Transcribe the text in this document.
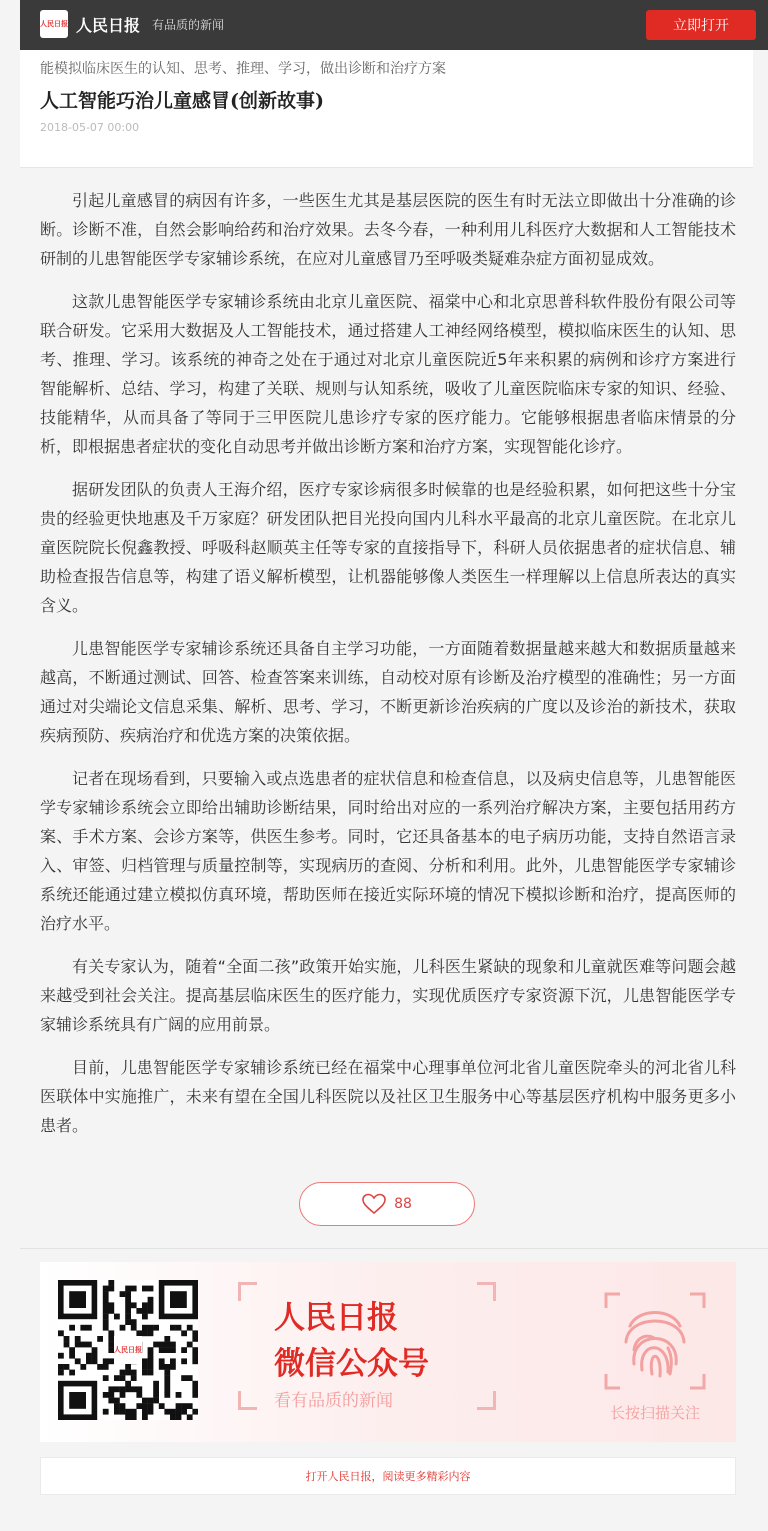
人民日报 人民日报 有品质的新闻	立即打开
能模拟临床医生的认知、思考、推理、学习，做出诊断和治疗方案
人工智能巧治儿童感冒(创新故事)
2018-05-07 00:00

引起儿童感冒的病因有许多，一些医生尤其是基层医院的医生有时无法立即做出十分准确的诊断。诊断不准，自然会影响给药和治疗效果。去冬今春，一种利用儿科医疗大数据和人工智能技术研制的儿患智能医学专家辅诊系统，在应对儿童感冒乃至呼吸类疑难杂症方面初显成效。

这款儿患智能医学专家辅诊系统由北京儿童医院、福棠中心和北京思普科软件股份有限公司等联合研发。它采用大数据及人工智能技术，通过搭建人工神经网络模型，模拟临床医生的认知、思考、推理、学习。该系统的神奇之处在于通过对北京儿童医院近5年来积累的病例和诊疗方案进行智能解析、总结、学习，构建了关联、规则与认知系统，吸收了儿童医院临床专家的知识、经验、技能精华，从而具备了等同于三甲医院儿患诊疗专家的医疗能力。它能够根据患者临床情景的分析，即根据患者症状的变化自动思考并做出诊断方案和治疗方案，实现智能化诊疗。

据研发团队的负责人王海介绍，医疗专家诊病很多时候靠的也是经验积累，如何把这些十分宝贵的经验更快地惠及千万家庭？研发团队把目光投向国内儿科水平最高的北京儿童医院。在北京儿童医院院长倪鑫教授、呼吸科赵顺英主任等专家的直接指导下，科研人员依据患者的症状信息、辅助检查报告信息等，构建了语义解析模型，让机器能够像人类医生一样理解以上信息所表达的真实含义。

儿患智能医学专家辅诊系统还具备自主学习功能，一方面随着数据量越来越大和数据质量越来越高，不断通过测试、回答、检查答案来训练，自动校对原有诊断及治疗模型的准确性；另一方面通过对尖端论文信息采集、解析、思考、学习，不断更新诊治疾病的广度以及诊治的新技术，获取疾病预防、疾病治疗和优选方案的决策依据。

记者在现场看到，只要输入或点选患者的症状信息和检查信息，以及病史信息等，儿患智能医学专家辅诊系统会立即给出辅助诊断结果，同时给出对应的一系列治疗解决方案，主要包括用药方案、手术方案、会诊方案等，供医生参考。同时，它还具备基本的电子病历功能，支持自然语言录入、审签、归档管理与质量控制等，实现病历的查阅、分析和利用。此外，儿患智能医学专家辅诊系统还能通过建立模拟仿真环境，帮助医师在接近实际环境的情况下模拟诊断和治疗，提高医师的治疗水平。

有关专家认为，随着“全面二孩”政策开始实施，儿科医生紧缺的现象和儿童就医难等问题会越来越受到社会关注。提高基层临床医生的医疗能力，实现优质医疗专家资源下沉，儿患智能医学专家辅诊系统具有广阔的应用前景。

目前，儿患智能医学专家辅诊系统已经在福棠中心理事单位河北省儿童医院牵头的河北省儿科医联体中实施推广，未来有望在全国儿科医院以及社区卫生服务中心等基层医疗机构中服务更多小患者。

88
人民日报
人民日报
微信公众号
看有品质的新闻
长按扫描关注
打开人民日报，阅读更多精彩内容
